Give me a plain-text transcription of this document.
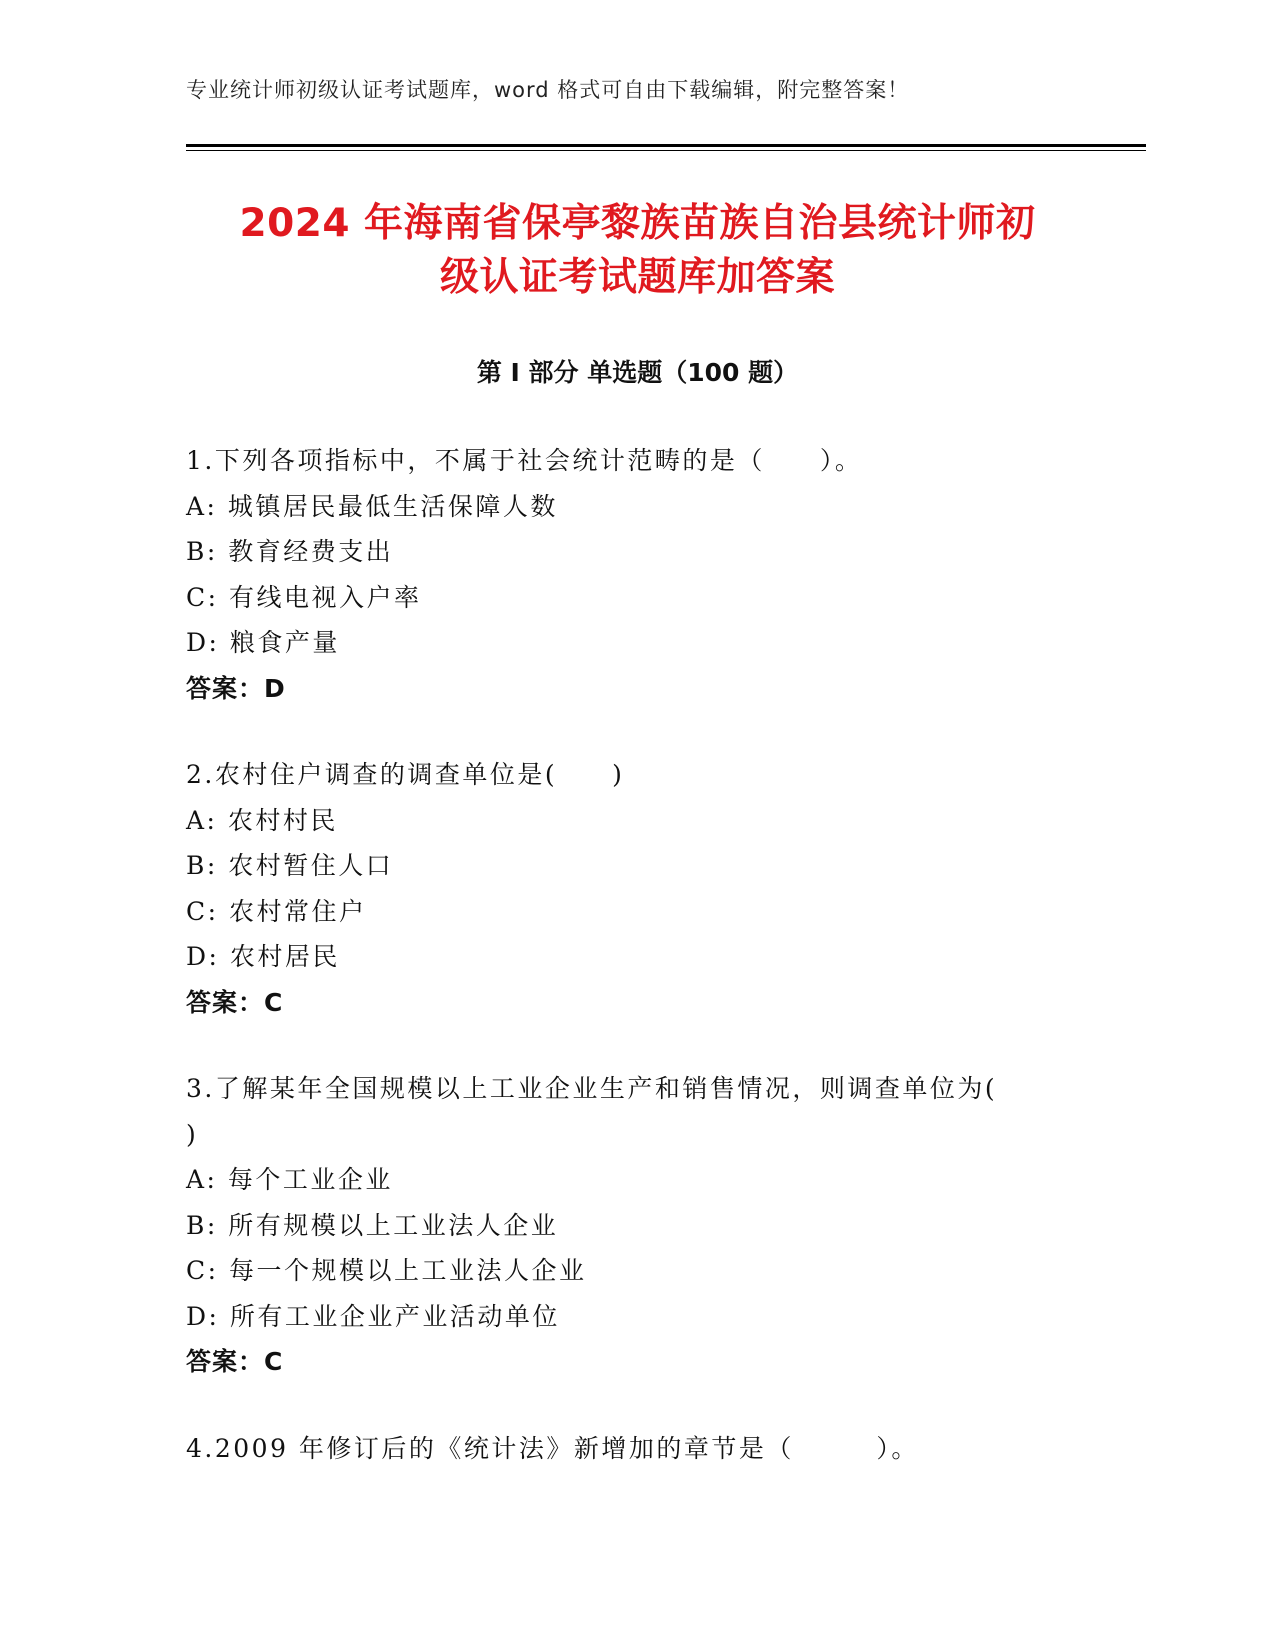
专业统计师初级认证考试题库，word 格式可自由下载编辑，附完整答案！
2024 年海南省保亭黎族苗族自治县统计师初
级认证考试题库加答案
第 I 部分 单选题（100 题）
1.下列各项指标中，不属于社会统计范畴的是（　　）。
A: 城镇居民最低生活保障人数
B: 教育经费支出
C: 有线电视入户率
D: 粮食产量
答案：D
2.农村住户调查的调查单位是(　　)
A: 农村村民
B: 农村暂住人口
C: 农村常住户
D: 农村居民
答案：C
3.了解某年全国规模以上工业企业生产和销售情况，则调查单位为(
)
A: 每个工业企业
B: 所有规模以上工业法人企业
C: 每一个规模以上工业法人企业
D: 所有工业企业产业活动单位
答案：C
4.2009 年修订后的《统计法》新增加的章节是（　　　）。
